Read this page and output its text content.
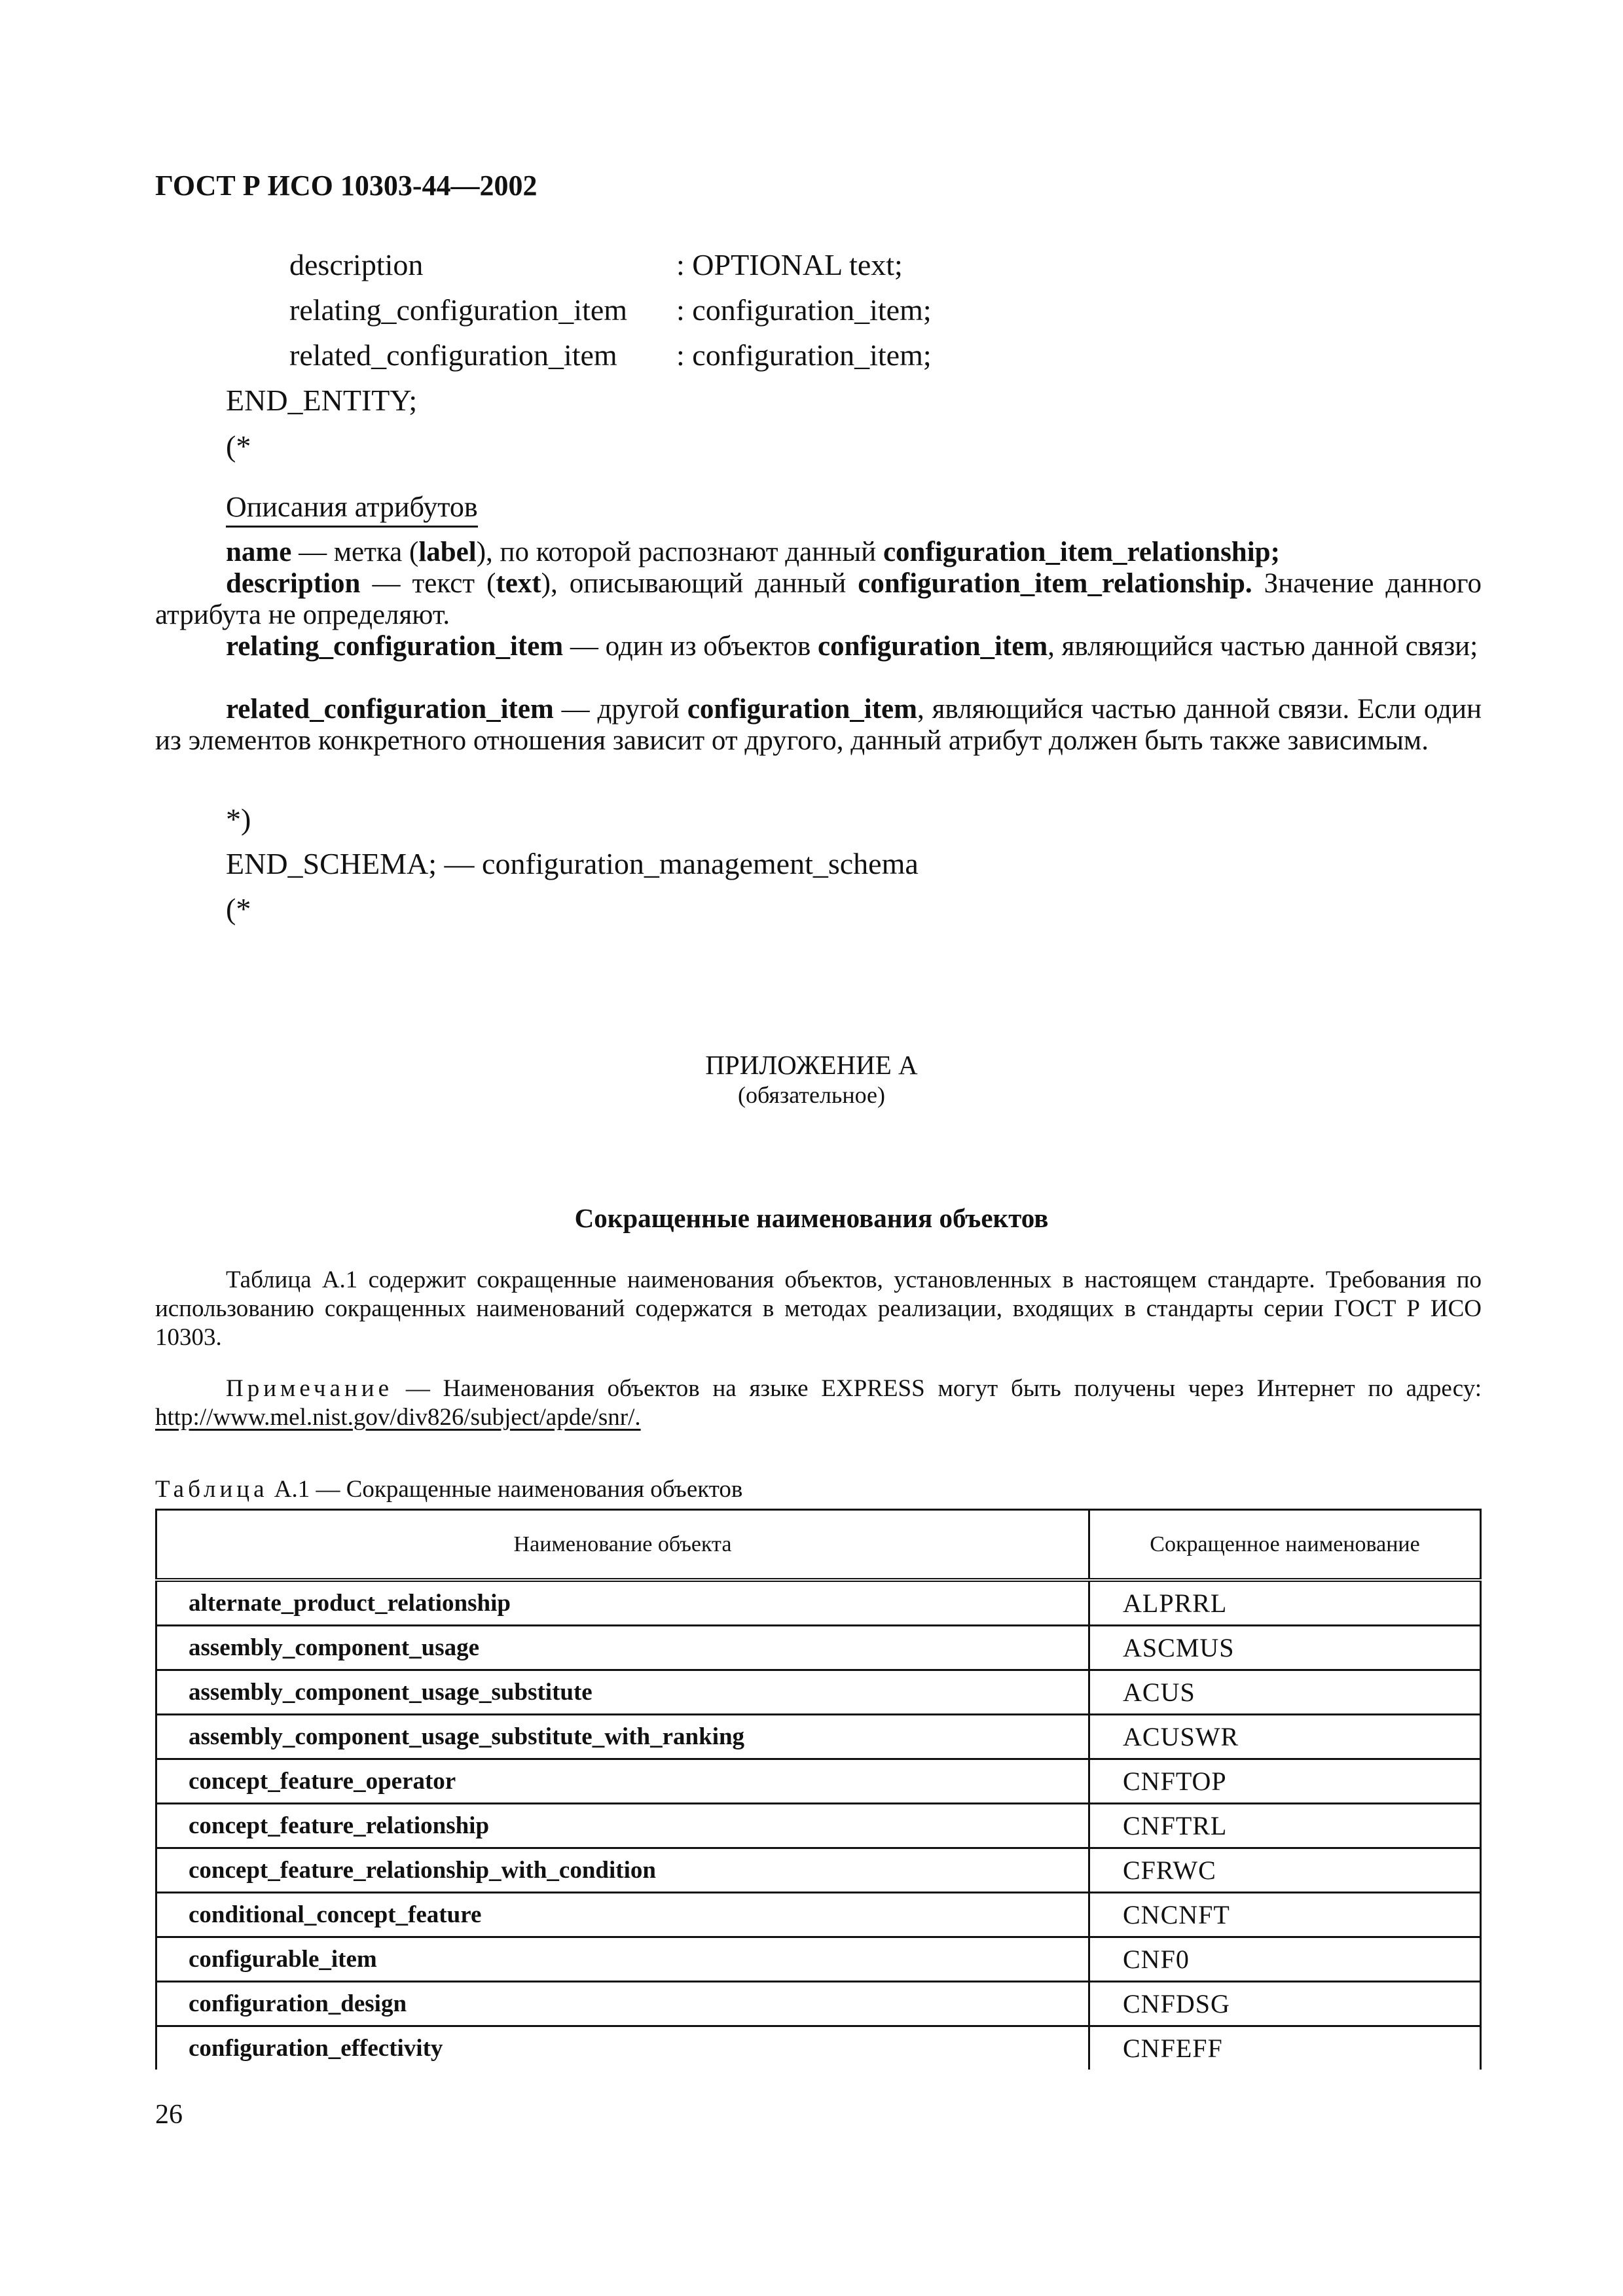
ГОСТ Р ИСО 10303-44—2002
description	: OPTIONAL text;
relating_configuration_item : configuration_item;
related_configuration_item : configuration_item;
END_ENTITY;
(*
Описания атрибутов
name — метка (label), по которой распознают данный configuration_item_relationship;
description — текст (text), описывающий данный configuration_item_relationship. Значение данного атрибута не определяют.
relating_configuration_item — один из объектов configuration_item, являющийся частью данной связи;
related_configuration_item — другой configuration_item, являющийся частью данной связи. Если один из элементов конкретного отношения зависит от другого, данный атрибут должен быть также зависимым.
*)
END_SCHEMA; — configuration_management_schema
(*
ПРИЛОЖЕНИЕ А
(обязательное)
Сокращенные наименования объектов
Таблица А.1 содержит сокращенные наименования объектов, установленных в настоящем стандарте. Требования по использованию сокращенных наименований содержатся в методах реализации, входящих в стандарты серии ГОСТ Р ИСО 10303.
Примечание — Наименования объектов на языке EXPRESS могут быть получены через Интернет по адресу: http://www.mel.nist.gov/div826/subject/apde/snr/.
Таблица А.1 — Сокращенные наименования объектов
Наименование объекта	Сокращенное наименование
alternate_product_relationship	ALPRRL
assembly_component_usage	ASCMUS
assembly_component_usage_substitute	ACUS
assembly_component_usage_substitute_with_ranking	ACUSWR
concept_feature_operator	CNFTOP
concept_feature_relationship	CNFTRL
concept_feature_relationship_with_condition	CFRWC
conditional_concept_feature	CNCNFT
configurable_item	CNF0
configuration_design	CNFDSG
configuration_effectivity	CNFEFF
26
